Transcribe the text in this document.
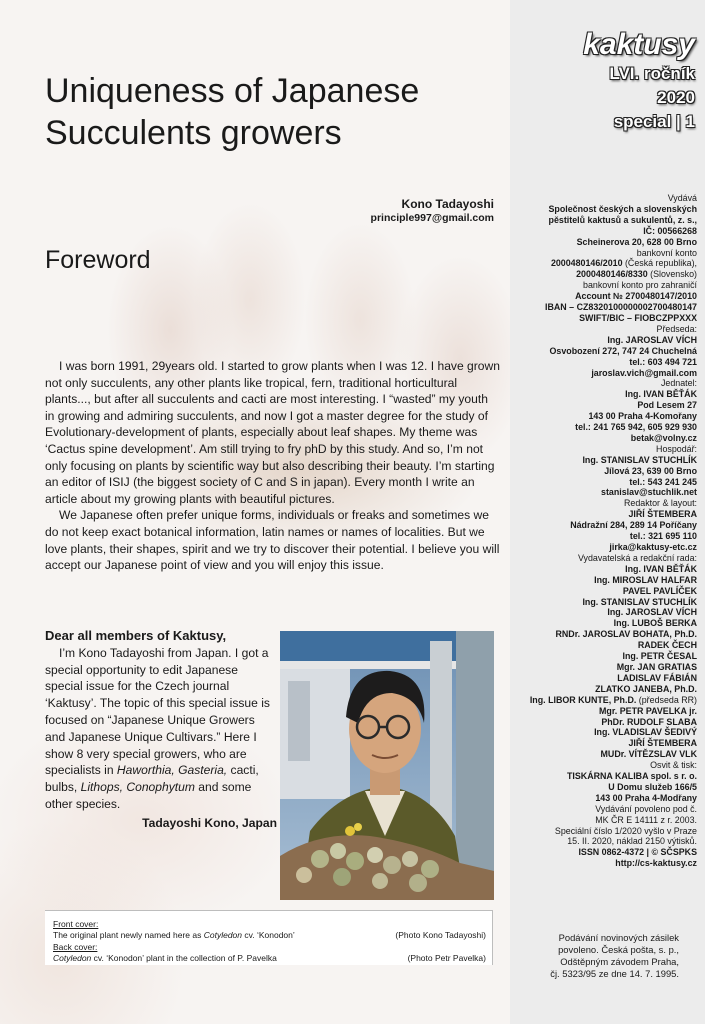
kaktusy
LVI. ročník
2020
special | 1
Uniqueness of Japanese
Succulents growers
Kono Tadayoshi
principle997@gmail.com
Foreword

I was born 1991, 29years old. I started to grow plants when I was 12. I have grown not only succulents, any other plants like tropical, fern, traditional horticultural plants..., but after all succulents and cacti are most interesting. I “wasted” my youth in growing and admiring succulents, and now I got a master degree for the study of Evolutionary-development of plants, especially about leaf shapes. My theme was ‘Cactus spine development’. Am still trying to fry phD by this study. And so, I’m not only focusing on plants by scientific way but also describing their beauty. I’m starting an editor of ISIJ (the biggest society of C and S in japan). Every month I write an article about my growing plants with beautiful pictures.

We Japanese often prefer unique forms, individuals or freaks and sometimes we do not keep exact botanical information, latin names or names of localities. But we love plants, their shapes, spirit and we try to discover their potential. I believe you will accept our Japanese point of view and you will enjoy this issue.

Dear all members of Kaktusy,
I’m Kono Tadayoshi from Japan. I got a special opportunity to edit Japanese special issue for the Czech journal ‘Kaktusy’. The topic of this special issue is focused on “Japanese Unique Growers and Japanese Unique Cultivars.” Here I show 8 very special growers, who are specialists in Haworthia, Gasteria, cacti, bulbs, Lithops, Conophytum and some other species.
Tadayoshi Kono, Japan
Front cover:
The original plant newly named here as Cotyledon cv. ‘Konodon’	(Photo Kono Tadayoshi)
Back cover:
Cotyledon cv. ‘Konodon’ plant in the collection of P. Pavelka	(Photo Petr Pavelka)
Vydává
Společnost českých a slovenských
pěstitelů kaktusů a sukulentů, z. s.,
IČ: 00566268
Scheinerova 20, 628 00 Brno
bankovní konto
2000480146/2010 (Česká republika),
2000480146/8330 (Slovensko)
bankovní konto pro zahraničí
Account № 2700480147/2010
IBAN – CZ8320100000002700480147
SWIFT/BIC – FIOBCZPPXXX
Předseda:
Ing. JAROSLAV VÍCH
Osvobození 272, 747 24 Chuchelná
tel.: 603 494 721
jaroslav.vich@gmail.com
Jednatel:
Ing. IVAN BĚŤÁK
Pod Lesem 27
143 00 Praha 4-Komořany
tel.: 241 765 942, 605 929 930
betak@volny.cz
Hospodář:
Ing. STANISLAV STUCHLÍK
Jílová 23, 639 00 Brno
tel.: 543 241 245
stanislav@stuchlik.net
Redaktor & layout:
JIŘÍ ŠTEMBERA
Nádražní 284, 289 14 Poříčany
tel.: 321 695 110
jirka@kaktusy-etc.cz
Vydavatelská a redakční rada:
Ing. IVAN BĚŤÁK
Ing. MIROSLAV HALFAR
PAVEL PAVLÍČEK
Ing. STANISLAV STUCHLÍK
Ing. JAROSLAV VÍCH
Ing. LUBOŠ BERKA
RNDr. JAROSLAV BOHATA, Ph.D.
RADEK ČECH
Ing. PETR ČESAL
Mgr. JAN GRATIAS
LADISLAV FÁBIÁN
ZLATKO JANEBA, Ph.D.
Ing. LIBOR KUNTE, Ph.D. (předseda RR)
Mgr. PETR PAVELKA jr.
PhDr. RUDOLF SLABA
Ing. VLADISLAV ŠEDIVÝ
JIŘÍ ŠTEMBERA
MUDr. VÍTĚZSLAV VLK
Osvit & tisk:
TISKÁRNA KALIBA spol. s r. o.
U Domu služeb 166/5
143 00 Praha 4-Modřany
Vydávání povoleno pod č.
MK ČR E 14111 z r. 2003.
Speciální číslo 1/2020 vyšlo v Praze
15. II. 2020, náklad 2150 výtisků.
ISSN 0862-4372 | © SČSPKS
http://cs-kaktusy.cz
Podávání novinových zásilek
povoleno. Česká pošta, s. p.,
Odštěpným závodem Praha,
čj. 5323/95 ze dne 14. 7. 1995.
